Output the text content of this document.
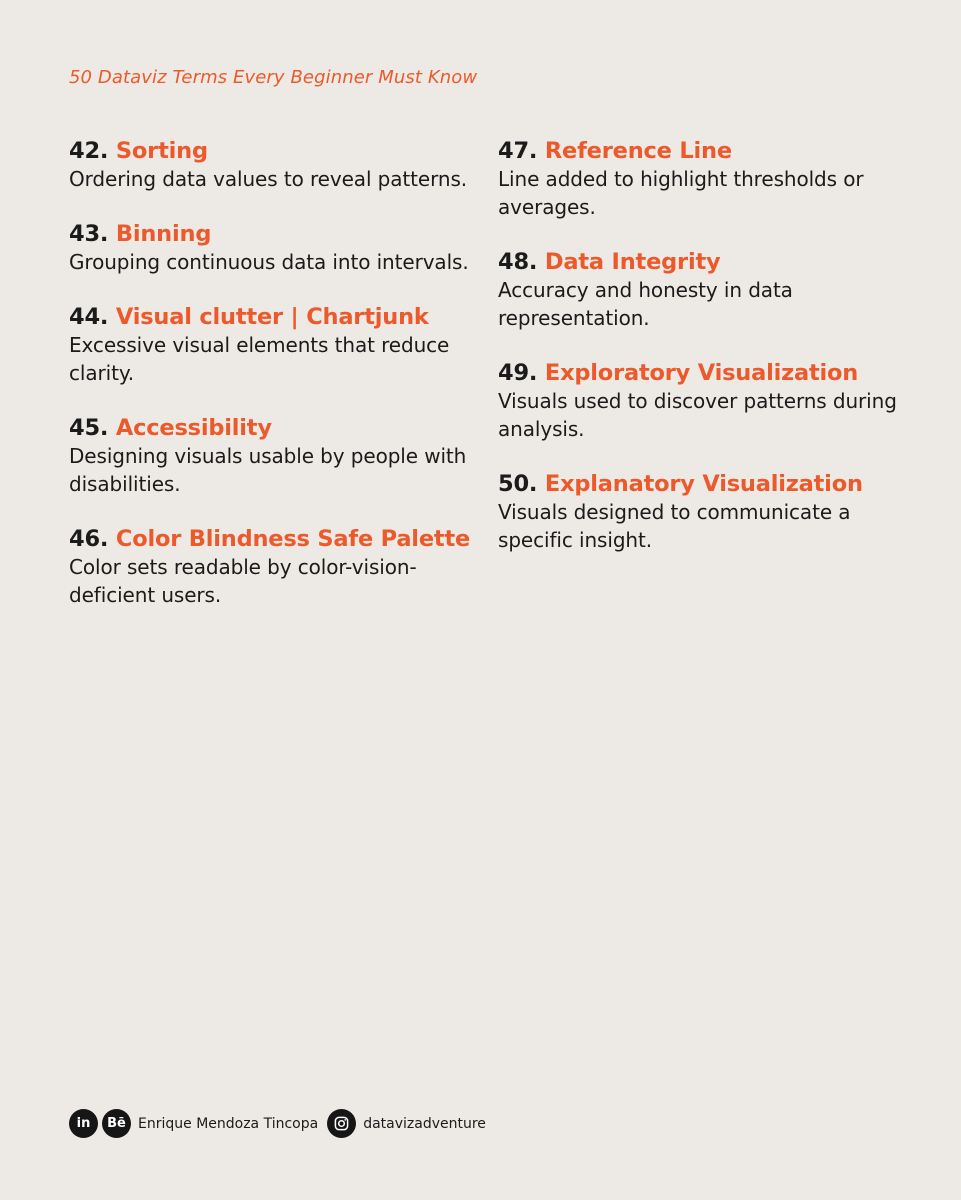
50 Dataviz Terms Every Beginner Must Know
42. Sorting
Ordering data values to reveal patterns.
43. Binning
Grouping continuous data into intervals.
44. Visual clutter | Chartjunk
Excessive visual elements that reduce clarity.
45. Accessibility
Designing visuals usable by people with disabilities.
46. Color Blindness Safe Palette
Color sets readable by color-vision-deficient users.
47. Reference Line
Line added to highlight thresholds or averages.
48. Data Integrity
Accuracy and honesty in data representation.
49. Exploratory Visualization
Visuals used to discover patterns during analysis.
50. Explanatory Visualization
Visuals designed to communicate a specific insight.
in Bē Enrique Mendoza Tincopa	datavizadventure
